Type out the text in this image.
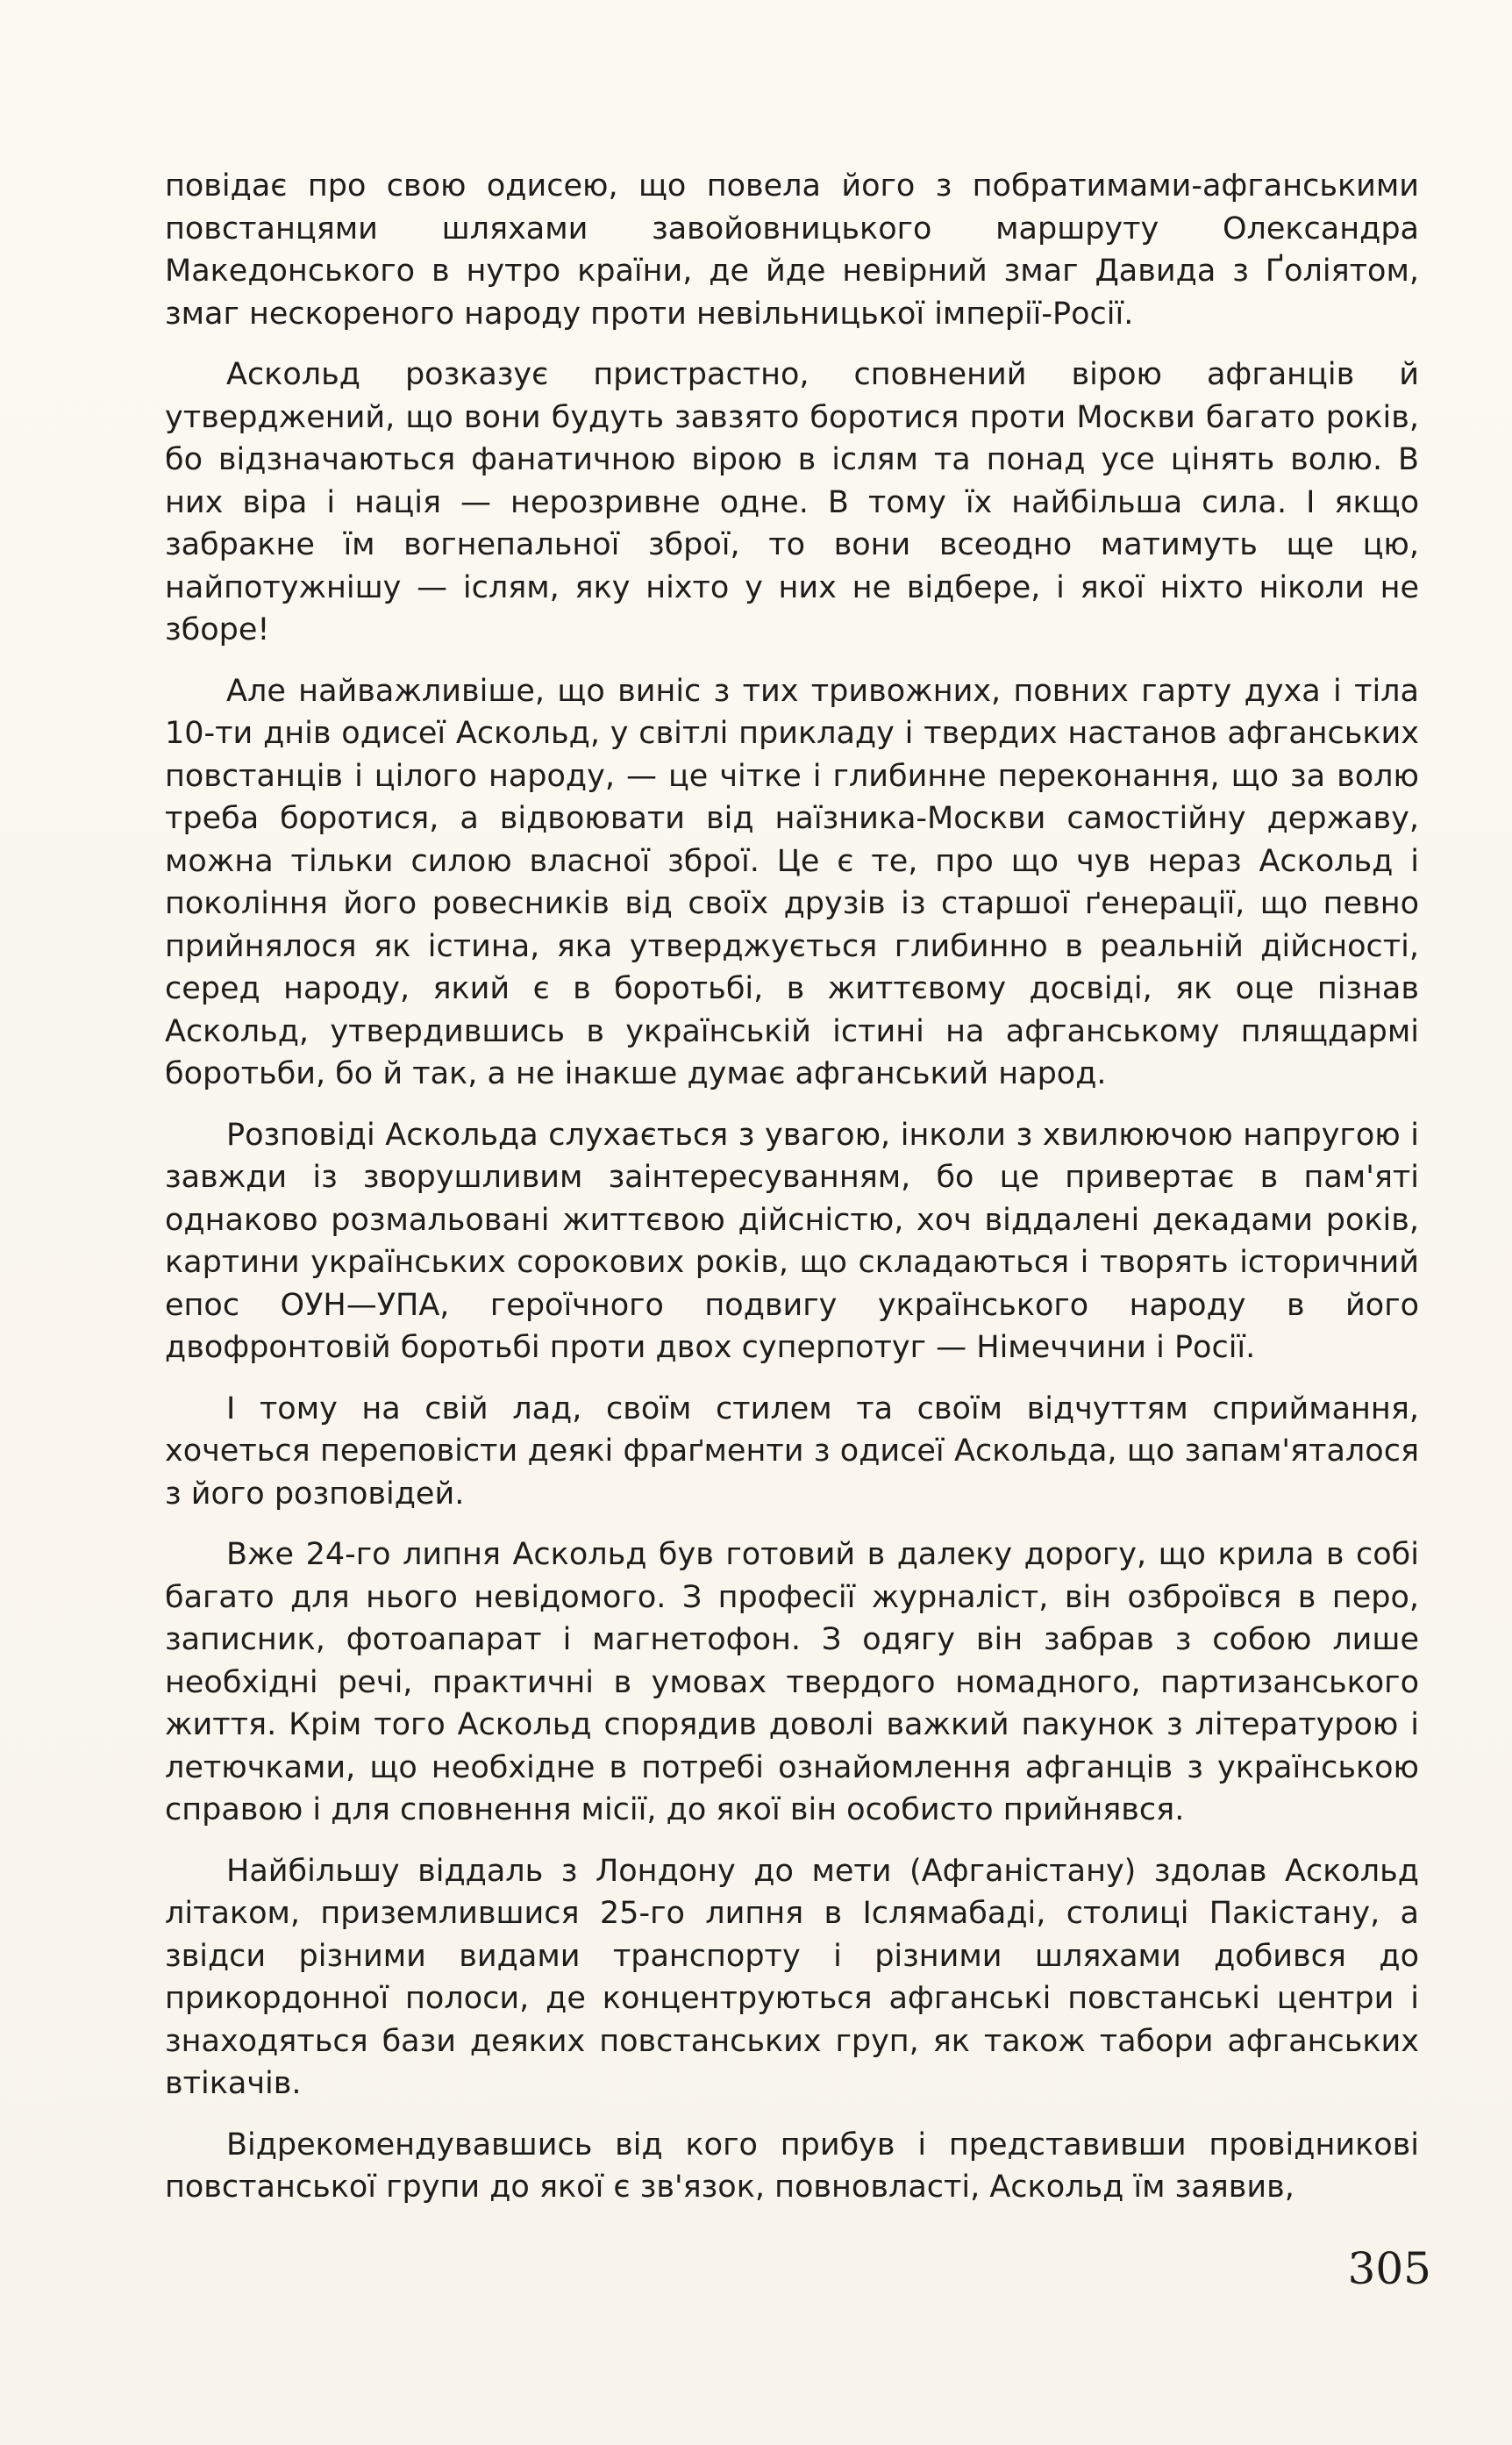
повідає про свою одисею, що повела його з побратимами-афганськими повстанцями шляхами завойовницького маршруту Олександра Македонського в нутро країни, де йде невірний змаг Давида з Ґоліятом, змаг нескореного народу проти невільницької імперії-Росії.

Аскольд розказує пристрастно, сповнений вірою афганців й утверджений, що вони будуть завзято боротися проти Москви багато років, бо відзначаються фанатичною вірою в іслям та понад усе цінять волю. В них віра і нація — нерозривне одне. В тому їх найбільша сила. І якщо забракне їм вогнепальної зброї, то вони всеодно матимуть ще цю, найпотужнішу — іслям, яку ніхто у них не відбере, і якої ніхто ніколи не зборе!

Але найважливіше, що виніс з тих тривожних, повних гарту духа і тіла 10-ти днів одисеї Аскольд, у світлі прикладу і твердих настанов афганських повстанців і цілого народу, — це чітке і глибинне переконання, що за волю треба боротися, а відвоювати від наїзника-Москви самостійну державу, можна тільки силою власної зброї. Це є те, про що чув нераз Аскольд і покоління його ровесників від своїх друзів із старшої ґенерації, що певно прийнялося як істина, яка утверджується глибинно в реальній дійсності, серед народу, який є в боротьбі, в життєвому досвіді, як оце пізнав Аскольд, утвердившись в українській істині на афганському плящдармі боротьби, бо й так, а не інакше думає афганський народ.

Розповіді Аскольда слухається з увагою, інколи з хвилюючою напругою і завжди із зворушливим заінтересуванням, бо це привертає в пам'яті однаково розмальовані життєвою дійсністю, хоч віддалені декадами років, картини українських сорокових років, що складаються і творять історичний епос ОУН—УПА, героїчного подвигу українського народу в його двофронтовій боротьбі проти двох суперпотуг — Німеччини і Росії.

І тому на свій лад, своїм стилем та своїм відчуттям сприймання, хочеться переповісти деякі фраґменти з одисеї Аскольда, що запам'яталося з його розповідей.

Вже 24-го липня Аскольд був готовий в далеку дорогу, що крила в собі багато для нього невідомого. З професії журналіст, він озброївся в перо, записник, фотоапарат і магнетофон. З одягу він забрав з собою лише необхідні речі, практичні в умовах твердого номадного, партизанського життя. Крім того Аскольд спорядив доволі важкий пакунок з літературою і летючками, що необхідне в потребі ознайомлення афганців з українською справою і для сповнення місії, до якої він особисто прийнявся.

Найбільшу віддаль з Лондону до мети (Афганістану) здолав Аскольд літаком, приземлившися 25-го липня в Іслямабаді, столиці Пакістану, а звідси різними видами транспорту і різними шляхами добився до прикордонної полоси, де концентруються афганські повстанські центри і знаходяться бази деяких повстанських груп, як також табори афганських втікачів.

Відрекомендувавшись від кого прибув і представивши провідникові повстанської групи до якої є зв'язок, повновласті, Аскольд їм заявив,

305
